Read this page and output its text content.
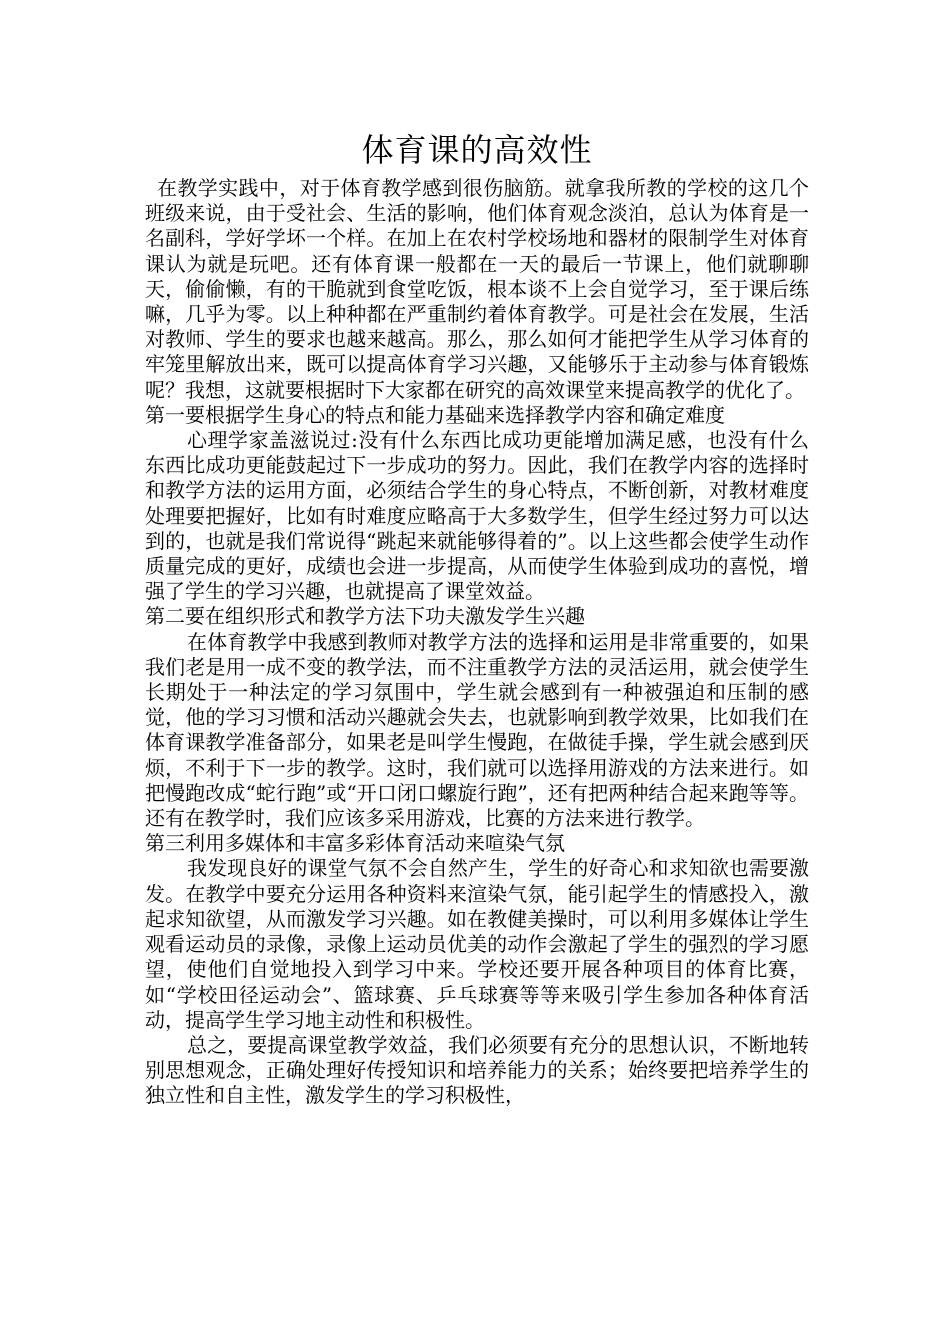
体育课的高效性

在教学实践中，对于体育教学感到很伤脑筋。就拿我所教的学校的这几个班级来说，由于受社会、生活的影响，他们体育观念淡泊，总认为体育是一名副科，学好学坏一个样。在加上在农村学校场地和器材的限制学生对体育课认为就是玩吧。还有体育课一般都在一天的最后一节课上，他们就聊聊天，偷偷懒，有的干脆就到食堂吃饭，根本谈不上会自觉学习，至于课后练嘛，几乎为零。以上种种都在严重制约着体育教学。可是社会在发展，生活对教师、学生的要求也越来越高。那么，那么如何才能把学生从学习体育的牢笼里解放出来，既可以提高体育学习兴趣，又能够乐于主动参与体育锻炼呢？我想，这就要根据时下大家都在研究的高效课堂来提高教学的优化了。

第一要根据学生身心的特点和能力基础来选择教学内容和确定难度

心理学家盖滋说过:没有什么东西比成功更能增加满足感，也没有什么东西比成功更能鼓起过下一步成功的努力。因此，我们在教学内容的选择时和教学方法的运用方面，必须结合学生的身心特点，不断创新，对教材难度处理要把握好，比如有时难度应略高于大多数学生，但学生经过努力可以达到的，也就是我们常说得“跳起来就能够得着的”。以上这些都会使学生动作质量完成的更好，成绩也会进一步提高，从而使学生体验到成功的喜悦，增强了学生的学习兴趣，也就提高了课堂效益。

第二要在组织形式和教学方法下功夫激发学生兴趣

在体育教学中我感到教师对教学方法的选择和运用是非常重要的，如果我们老是用一成不变的教学法，而不注重教学方法的灵活运用，就会使学生长期处于一种法定的学习氛围中，学生就会感到有一种被强迫和压制的感觉，他的学习习惯和活动兴趣就会失去，也就影响到教学效果，比如我们在体育课教学准备部分，如果老是叫学生慢跑，在做徒手操，学生就会感到厌烦，不利于下一步的教学。这时，我们就可以选择用游戏的方法来进行。如把慢跑改成“蛇行跑”或“开口闭口螺旋行跑”，还有把两种结合起来跑等等。还有在教学时，我们应该多采用游戏，比赛的方法来进行教学。

第三利用多媒体和丰富多彩体育活动来喧染气氛

我发现良好的课堂气氛不会自然产生，学生的好奇心和求知欲也需要激发。在教学中要充分运用各种资料来渲染气氛，能引起学生的情感投入，激起求知欲望，从而激发学习兴趣。如在教健美操时，可以利用多媒体让学生观看运动员的录像，录像上运动员优美的动作会激起了学生的强烈的学习愿望，使他们自觉地投入到学习中来。学校还要开展各种项目的体育比赛，如“学校田径运动会”、篮球赛、乒乓球赛等等来吸引学生参加各种体育活动，提高学生学习地主动性和积极性。

总之，要提高课堂教学效益，我们必须要有充分的思想认识，不断地转别思想观念，正确处理好传授知识和培养能力的关系；始终要把培养学生的独立性和自主性，激发学生的学习积极性，
